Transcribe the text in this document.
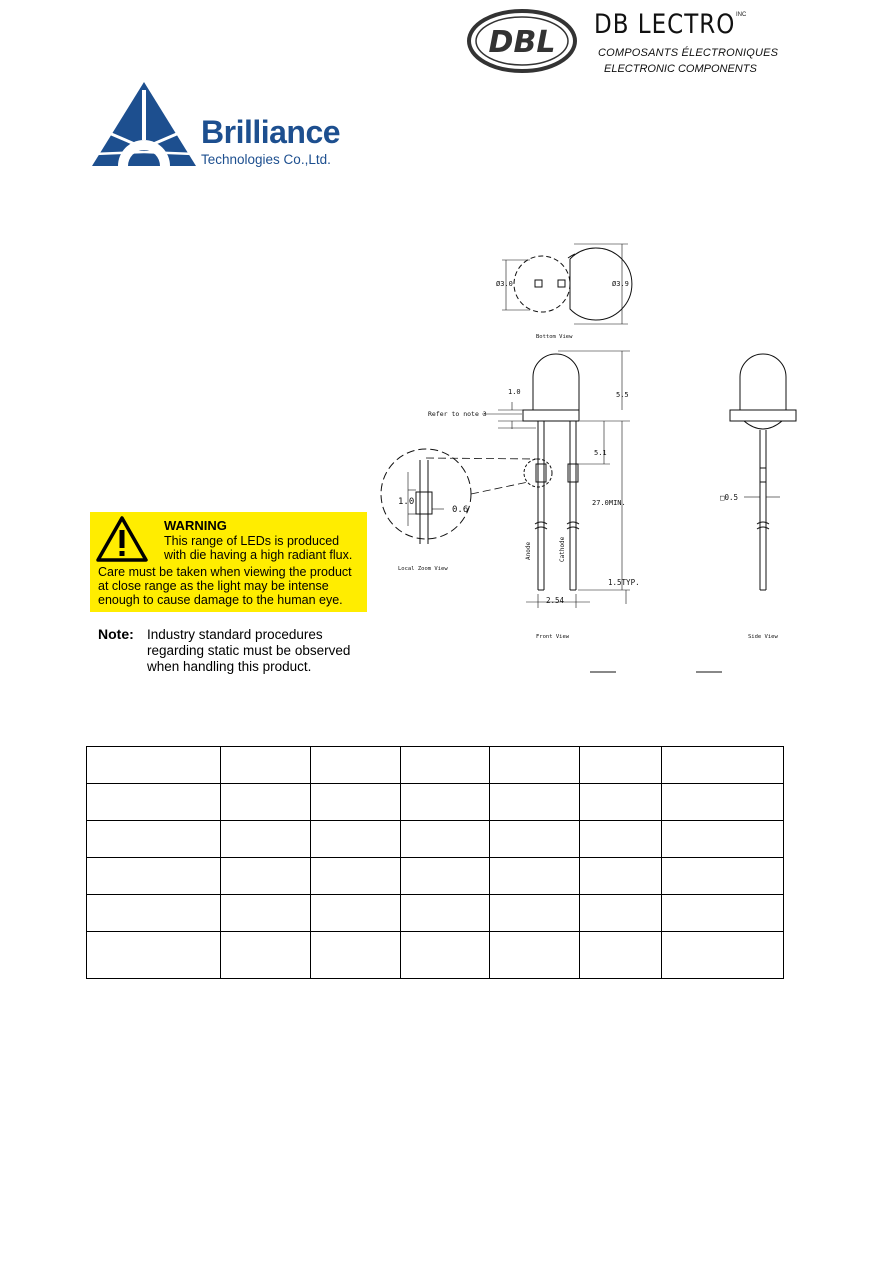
DBL
DB LECTRO INC
COMPOSANTS ÉLECTRONIQUES
ELECTRONIC COMPONENTS
Brilliance
Technologies Co.,Ltd.
WARNING
This range of LEDs is produced
with die having a high radiant flux.
Care must be taken when viewing the product
at close range as the light may be intense
enough to cause damage to the human eye.
Note: Industry standard procedures
regarding static must be observed
when handling this product.
Ø3.0	Ø3.9
Bottom View
1.0
Refer to note 3
5.5
5.1
27.0MIN.
1.5TYP.
2.54
Anode	Cathode
Front View
1.0
0.6
Local Zoom View
□0.5
Side View
